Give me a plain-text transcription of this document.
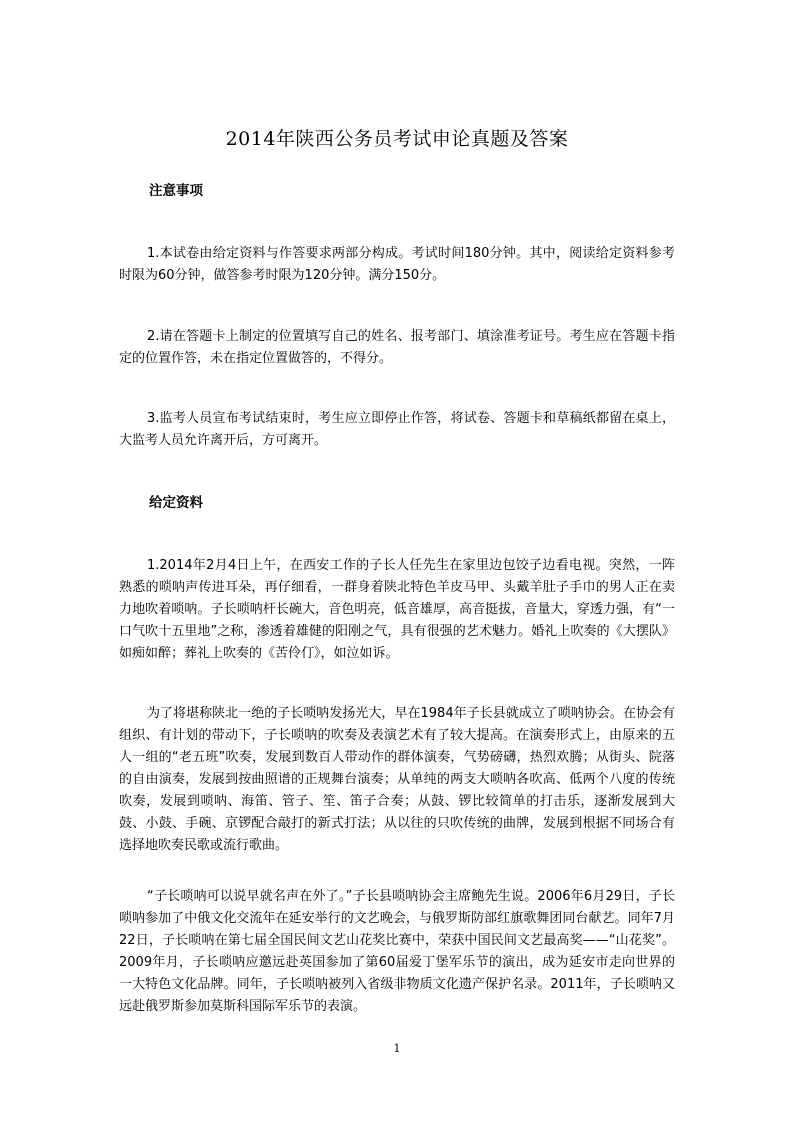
2014年陕西公务员考试申论真题及答案
注意事项
1.本试卷由给定资料与作答要求两部分构成。考试时间180分钟。其中，阅读给定资料参考时限为60分钟，做答参考时限为120分钟。满分150分。
2.请在答题卡上制定的位置填写自己的姓名、报考部门、填涂准考证号。考生应在答题卡指定的位置作答，未在指定位置做答的，不得分。
3.监考人员宣布考试结束时，考生应立即停止作答，将试卷、答题卡和草稿纸都留在桌上，大监考人员允许离开后，方可离开。
给定资料
1.2014年2月4日上午，在西安工作的子长人任先生在家里边包饺子边看电视。突然，一阵熟悉的唢呐声传进耳朵，再仔细看，一群身着陕北特色羊皮马甲、头戴羊肚子手巾的男人正在卖力地吹着唢呐。子长唢呐杆长碗大，音色明亮，低音雄厚，高音挺拔，音量大，穿透力强，有“一口气吹十五里地”之称，渗透着雄健的阳刚之气，具有很强的艺术魅力。婚礼上吹奏的《大摆队》如痴如醉；葬礼上吹奏的《苦伶仃》，如泣如诉。
为了将堪称陕北一绝的子长唢呐发扬光大，早在1984年子长县就成立了唢呐协会。在协会有组织、有计划的带动下，子长唢呐的吹奏及表演艺术有了较大提高。在演奏形式上，由原来的五人一组的“老五班”吹奏，发展到数百人带动作的群体演奏，气势磅礴，热烈欢腾；从街头、院落的自由演奏，发展到按曲照谱的正规舞台演奏；从单纯的两支大唢呐各吹高、低两个八度的传统吹奏，发展到唢呐、海笛、管子、笙、笛子合奏；从鼓、锣比较简单的打击乐，逐渐发展到大鼓、小鼓、手碗、京锣配合敲打的新式打法；从以往的只吹传统的曲牌，发展到根据不同场合有选择地吹奏民歌或流行歌曲。
“子长唢呐可以说早就名声在外了。”子长县唢呐协会主席鲍先生说。2006年6月29日，子长唢呐参加了中俄文化交流年在延安举行的文艺晚会，与俄罗斯防部红旗歌舞团同台献艺。同年7月22日，子长唢呐在第七届全国民间文艺山花奖比赛中，荣获中国民间文艺最高奖——“山花奖”。2009年月，子长唢呐应邀远赴英国参加了第60届爱丁堡军乐节的演出，成为延安市走向世界的一大特色文化品牌。同年，子长唢呐被列入省级非物质文化遗产保护名录。2011年，子长唢呐又远赴俄罗斯参加莫斯科国际军乐节的表演。
1
